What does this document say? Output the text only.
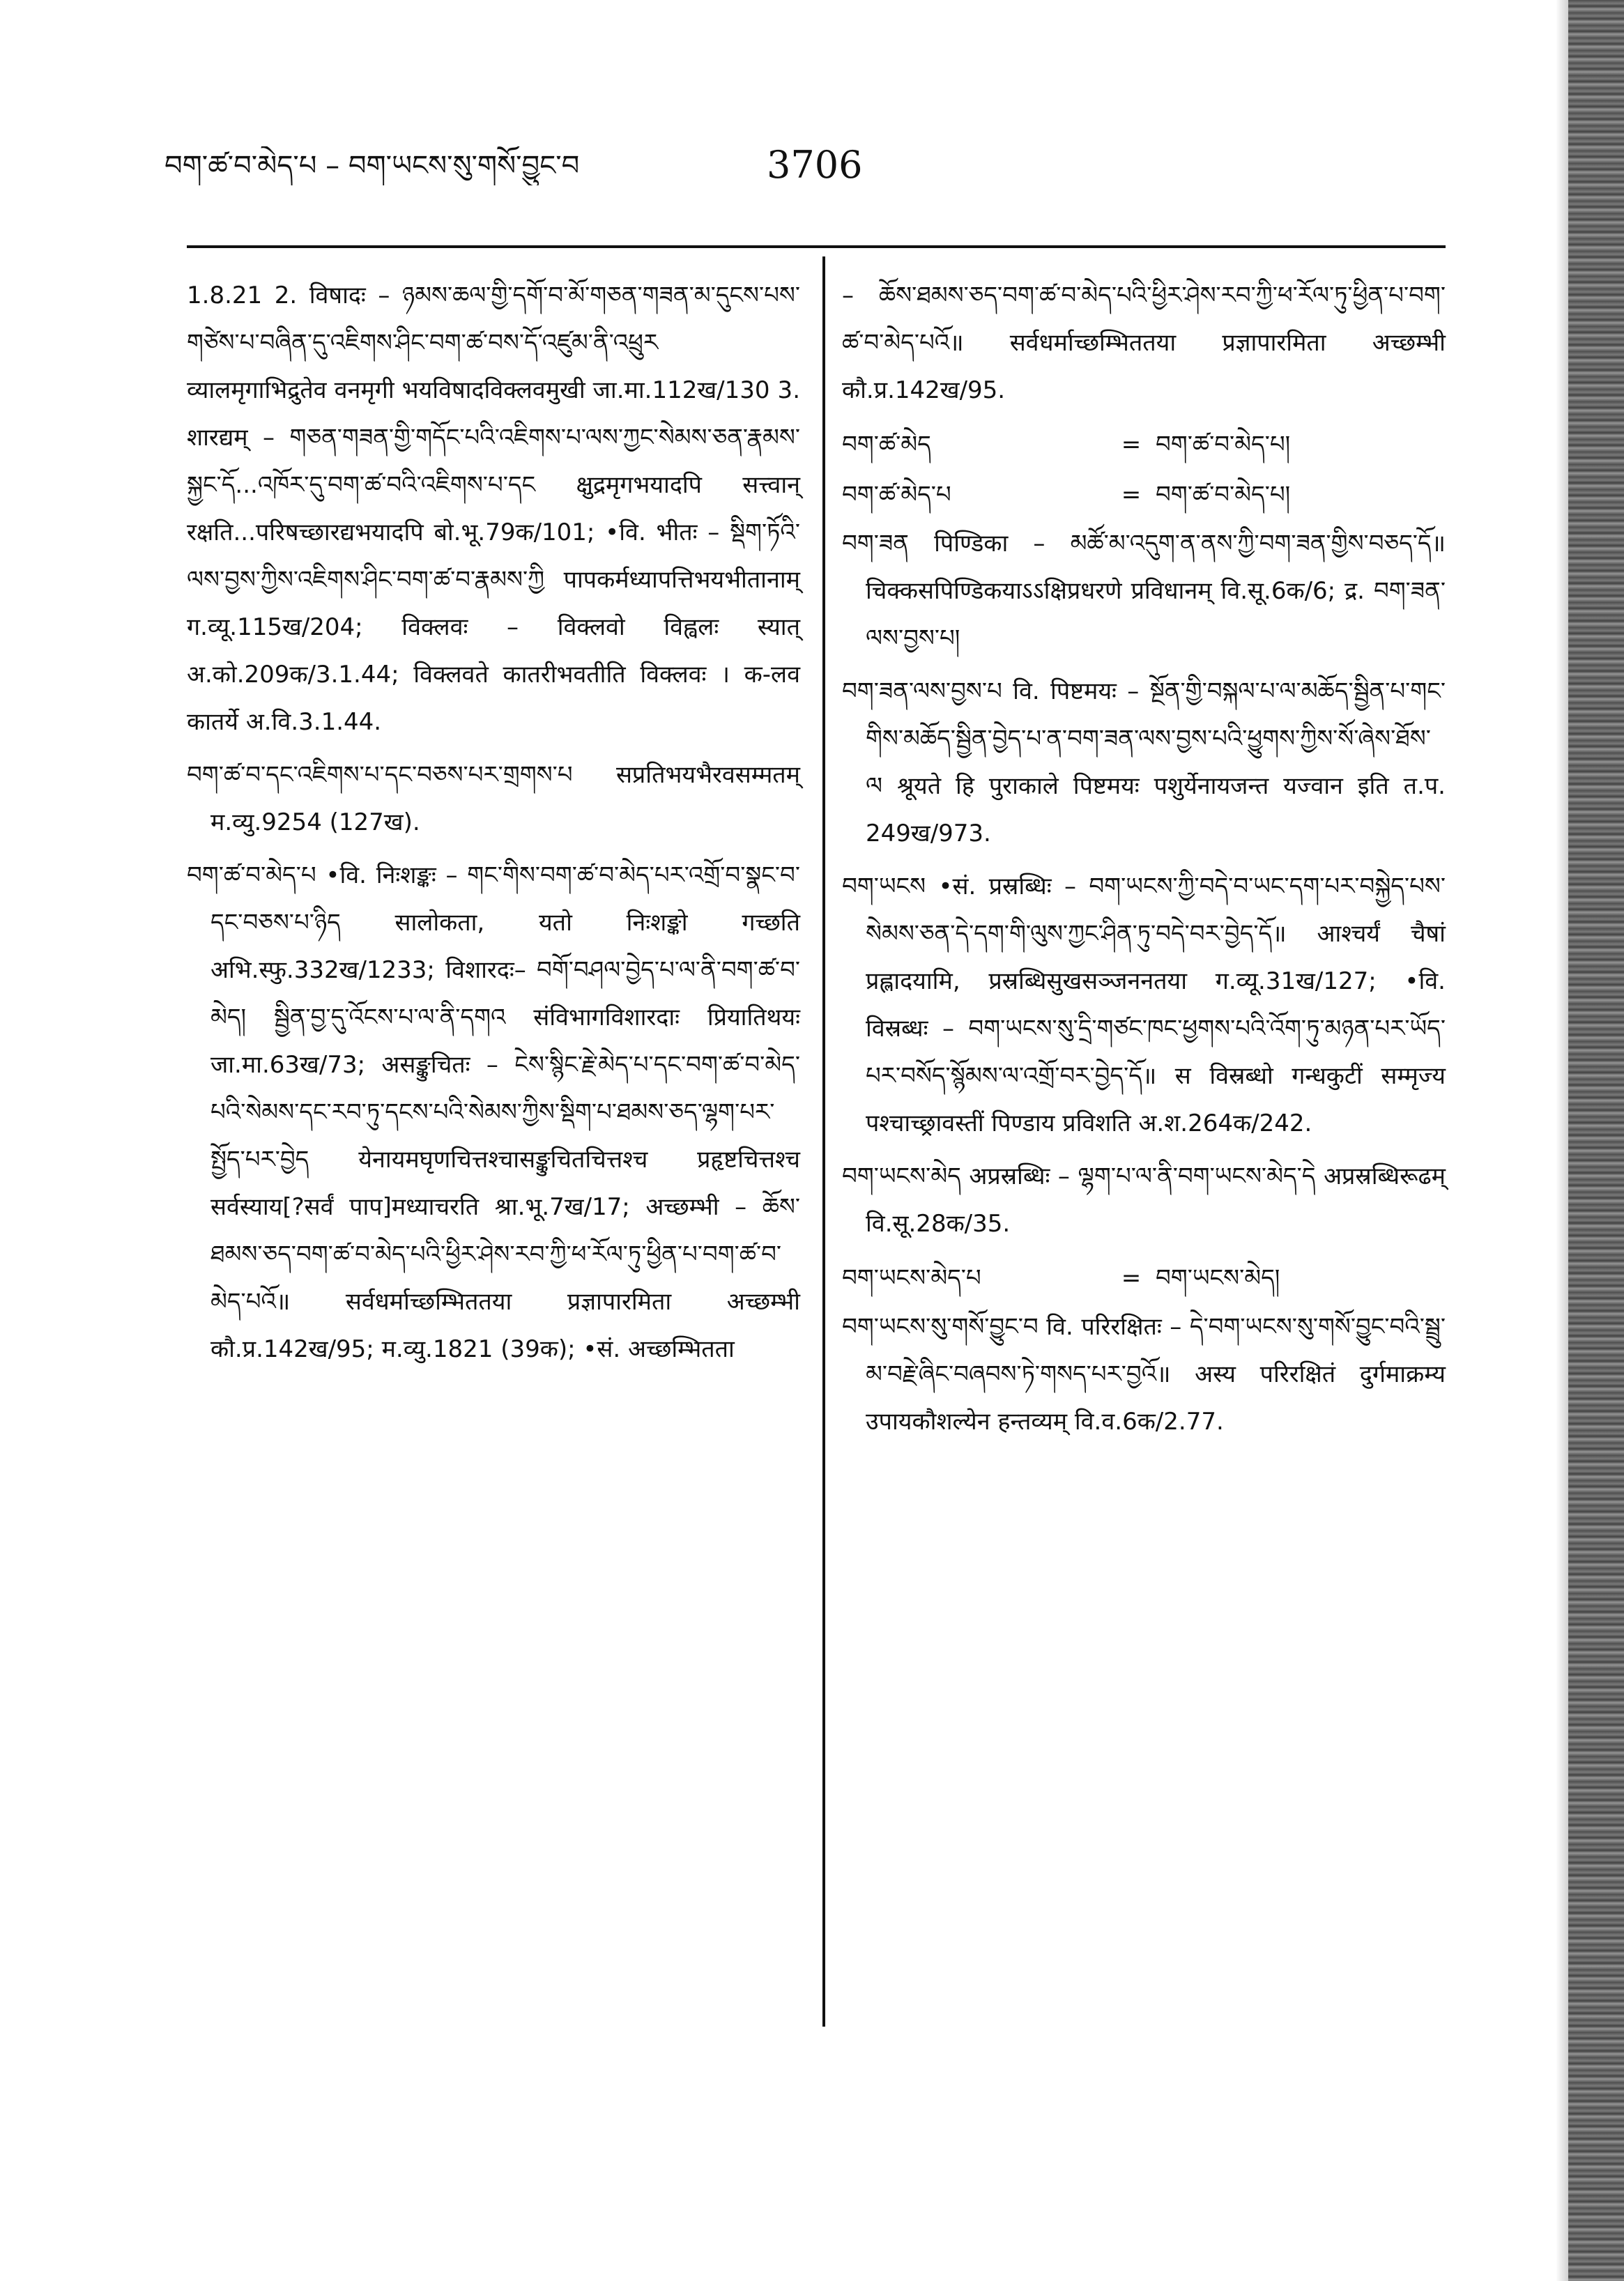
བག་ཚ་བ་མེད་པ – བག་ཡངས་སུ་གསོ་བྱུང་བ	3706

1.8.21 2. विषादः – ཉམས་ཆལ་གྱི་དགོ་བ་མོ་གཅན་གཟན་མ་དུངས་པས་གཙེས་པ་བཞིན་དུ་འཇིགས་ཤིང་བག་ཚ་བས་དོ་འཛུམ་ནི་འཕྲུར व्यालमृगाभिद्रुतेव वनमृगी भयविषादविक्लवमुखी जा.मा.112ख/130 3. शारद्यम् – གཅན་གཟན་གྱི་གདོང་པའི་འཇིགས་པ་ལས་ཀྱང་སེམས་ཅན་རྣམས་སྐྱང་དོ...འཁོར་དུ་བག་ཚ་བའི་འཇིགས་པ་དང क्षुद्रमृगभयादपि सत्त्वान् रक्षति...परिषच्छारद्यभयादपि बो.भू.79क/101; •वि. भीतः – སྡིག་ཏོའི་ལས་བྱས་ཀྱིས་འཇིགས་ཤིང་བག་ཚ་བ་རྣམས་ཀྱི पापकर्मध्यापत्तिभयभीतानाम् ग.व्यू.115ख/204; विक्लवः – विक्लवो विह्वलः स्यात् अ.को.209क/3.1.44; विक्लवते कातरीभवतीति विक्लवः । क-लव कातर्ये अ.वि.3.1.44.

བག་ཚ་བ་དང་འཇིགས་པ་དང་བཅས་པར་གྲགས་པ सप्रतिभयभैरवसम्मतम् म.व्यु.9254 (127ख).

བག་ཚ་བ་མེད་པ •वि. निःशङ्कः – གང་གིས་བག་ཚ་བ་མེད་པར་འགྲོ་བ་སྣང་བ་དང་བཅས་པ་ཉིད सालोकता, यतो निःशङ्को गच्छति अभि.स्फु.332ख/1233; विशारदः– བགོ་བཤལ་བྱེད་པ་ལ་ནི་བག་ཚ་བ་མེད། སྦྱིན་བྱ་དུ་འོངས་པ་ལ་ནི་དགའ संविभागविशारदाः प्रियातिथयः जा.मा.63ख/73; असङ्कुचितः – ངེས་སྙིང་རྗེ་མེད་པ་དང་བག་ཚ་བ་མེད་པའི་སེམས་དང་རབ་ཏུ་དངས་པའི་སེམས་ཀྱིས་སྡིག་པ་ཐམས་ཅད་ལྷག་པར་སྤྱོད་པར་བྱེད येनायमघृणचित्तश्चासङ्कुचितचित्तश्च प्रहृष्टचित्तश्च सर्वस्याय[?सर्वं पाप]मध्याचरति श्रा.भू.7ख/17; अच्छम्भी – ཆོས་ཐམས་ཅད་བག་ཚ་བ་མེད་པའི་ཕྱིར་ཤེས་རབ་ཀྱི་ཕ་རོལ་ཏུ་ཕྱིན་པ་བག་ཚ་བ་མེད་པའོ॥ सर्वधर्माच्छम्भिततया प्रज्ञापारमिता अच्छम्भी कौ.प्र.142ख/95; म.व्यु.1821 (39क); •सं. अच्छम्भितता

– ཆོས་ཐམས་ཅད་བག་ཚ་བ་མེད་པའི་ཕྱིར་ཤེས་རབ་ཀྱི་ཕ་རོལ་ཏུ་ཕྱིན་པ་བག་ཚ་བ་མེད་པའོ॥ सर्वधर्माच्छम्भिततया प्रज्ञापारमिता अच्छम्भी कौ.प्र.142ख/95.

བག་ཚ་མེད	= བག་ཚ་བ་མེད་པ།
བག་ཚ་མེད་པ	= བག་ཚ་བ་མེད་པ།

བག་ཟན पिण्डिका – མཚོ་མ་འདུག་ན་ནས་ཀྱི་བག་ཟན་གྱིས་བཅད་དོ॥ चिक्कसपिण्डिकयाऽऽक्षिप्रधरणे प्रविधानम् वि.सू.6क/6; द्र. བག་ཟན་ལས་བྱས་པ།

བག་ཟན་ལས་བྱས་པ वि. पिष्टमयः – སྔོན་གྱི་བསྐལ་པ་ལ་མཆོད་སྦྱིན་པ་གང་གིས་མཆོད་སྦྱིན་བྱེད་པ་ན་བག་ཟན་ལས་བྱས་པའི་ཕྱུགས་ཀྱིས་སོ་ཞེས་ཐོས་ལ श्रूयते हि पुराकाले पिष्टमयः पशुर्येनायजन्त यज्वान इति त.प. 249ख/973.

བག་ཡངས •सं. प्रस्रब्धिः – བག་ཡངས་ཀྱི་བདེ་བ་ཡང་དག་པར་བསྐྱེད་པས་སེམས་ཅན་དེ་དག་གི་ལུས་ཀྱང་ཤིན་ཏུ་བདེ་བར་བྱེད་དོ॥ आश्चर्यं चैषां प्रह्लादयामि, प्रस्रब्धिसुखसञ्जननतया ग.व्यू.31ख/127; •वि. विस्रब्धः – བག་ཡངས་སུ་དྲི་གཙང་ཁང་ཕྱགས་པའི་འོག་ཏུ་མཉན་པར་ཡོད་པར་བསོད་སྙོམས་ལ་འགྲོ་བར་བྱེད་དོ॥ स विस्रब्धो गन्धकुटीं सम्मृज्य पश्चाच्छ्रावस्तीं पिण्डाय प्रविशति अ.श.264क/242.

བག་ཡངས་མེད अप्रस्रब्धिः – ལྷག་པ་ལ་ནི་བག་ཡངས་མེད་དེ अप्रस्रब्धिरूढम् वि.सू.28क/35.

བག་ཡངས་མེད་པ	= བག་ཡངས་མེད།

བག་ཡངས་སུ་གསོ་བྱུང་བ वि. परिरक्षितः – དེ་བག་ཡངས་སུ་གསོ་བྱུང་བའི་སྦྲུ་མ་བརྗེ་ཞིང་བཞབས་ཏེ་གསད་པར་བྱའོ॥ अस्य परिरक्षितं दुर्गमाक्रम्य उपायकौशल्येन हन्तव्यम् वि.व.6क/2.77.
